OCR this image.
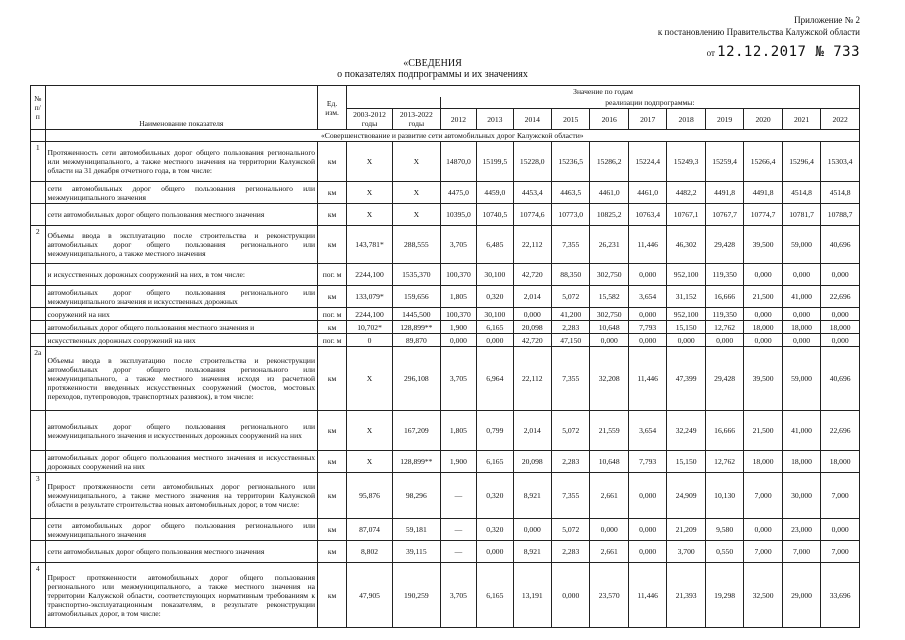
Приложение № 2
к постановлению Правительства Калужской области
от 12.12.2017 № 733
«СВЕДЕНИЯ
о показателях подпрограммы и их значениях
№ п/п	Наименование показателя	Ед. изм.	Значение по годам												
					реализации подпрограммы:										
			2003-2012 годы	2013-2022 годы	2012	2013	2014	2015	2016	2017	2018	2019	2020	2021	2022
	«Совершенствование и развитие сети автомобильных дорог Калужской области»														
1	Протяженность сети автомобильных дорог общего пользования регионального или межмуниципального, а также местного значения на территории Калужской области на 31 декабря отчетного года, в том числе:	км	Х	Х	14870,0	15199,5	15228,0	15236,5	15286,2	15224,4	15249,3	15259,4	15266,4	15296,4	15303,4
	сети автомобильных дорог общего пользования регионального или межмуниципального значения	км	Х	Х	4475,0	4459,0	4453,4	4463,5	4461,0	4461,0	4482,2	4491,8	4491,8	4514,8	4514,8
	сети автомобильных дорог общего пользования местного значения	км	Х	Х	10395,0	10740,5	10774,6	10773,0	10825,2	10763,4	10767,1	10767,7	10774,7	10781,7	10788,7
2	Объемы ввода в эксплуатацию после строительства и реконструкции автомобильных дорог общего пользования регионального или межмуниципального, а также местного значения	км	143,781*	288,555	3,705	6,485	22,112	7,355	26,231	11,446	46,302	29,428	39,500	59,000	40,696
	и искусственных дорожных сооружений на них, в том числе:	пог. м	2244,100	1535,370	100,370	30,100	42,720	88,350	302,750	0,000	952,100	119,350	0,000	0,000	0,000
	автомобильных дорог общего пользования регионального или межмуниципального значения и искусственных дорожных	км	133,079*	159,656	1,805	0,320	2,014	5,072	15,582	3,654	31,152	16,666	21,500	41,000	22,696
	сооружений на них	пог. м	2244,100	1445,500	100,370	30,100	0,000	41,200	302,750	0,000	952,100	119,350	0,000	0,000	0,000
	автомобильных дорог общего пользования местного значения и	км	10,702*	128,899**	1,900	6,165	20,098	2,283	10,648	7,793	15,150	12,762	18,000	18,000	18,000
	искусственных дорожных сооружений на них	пог. м	0	89,870	0,000	0,000	42,720	47,150	0,000	0,000	0,000	0,000	0,000	0,000	0,000
2а	Объемы ввода в эксплуатацию после строительства и реконструкции автомобильных дорог общего пользования регионального или межмуниципального, а также местного значения исходя из расчетной протяженности введенных искусственных сооружений (мостов, мостовых переходов, путепроводов, транспортных развязок), в том числе:	км	Х	296,108	3,705	6,964	22,112	7,355	32,208	11,446	47,399	29,428	39,500	59,000	40,696
	автомобильных дорог общего пользования регионального или межмуниципального значения и искусственных дорожных сооружений на них	км	Х	167,209	1,805	0,799	2,014	5,072	21,559	3,654	32,249	16,666	21,500	41,000	22,696
	автомобильных дорог общего пользования местного значения и искусственных дорожных сооружений на них	км	Х	128,899**	1,900	6,165	20,098	2,283	10,648	7,793	15,150	12,762	18,000	18,000	18,000
3	Прирост протяженности сети автомобильных дорог регионального или межмуниципального, а также местного значения на территории Калужской области в результате строительства новых автомобильных дорог, в том числе:	км	95,876	98,296	—	0,320	8,921	7,355	2,661	0,000	24,909	10,130	7,000	30,000	7,000
	сети автомобильных дорог общего пользования регионального или межмуниципального значения	км	87,074	59,181	—	0,320	0,000	5,072	0,000	0,000	21,209	9,580	0,000	23,000	0,000
	сети автомобильных дорог общего пользования местного значения	км	8,802	39,115	—	0,000	8,921	2,283	2,661	0,000	3,700	0,550	7,000	7,000	7,000
4	Прирост протяженности автомобильных дорог общего пользования регионального или межмуниципального, а также местного значения на территории Калужской области, соответствующих нормативным требованиям к транспортно-эксплуатационным показателям, в результате реконструкции автомобильных дорог, в том числе:	км	47,905	190,259	3,705	6,165	13,191	0,000	23,570	11,446	21,393	19,298	32,500	29,000	33,696
